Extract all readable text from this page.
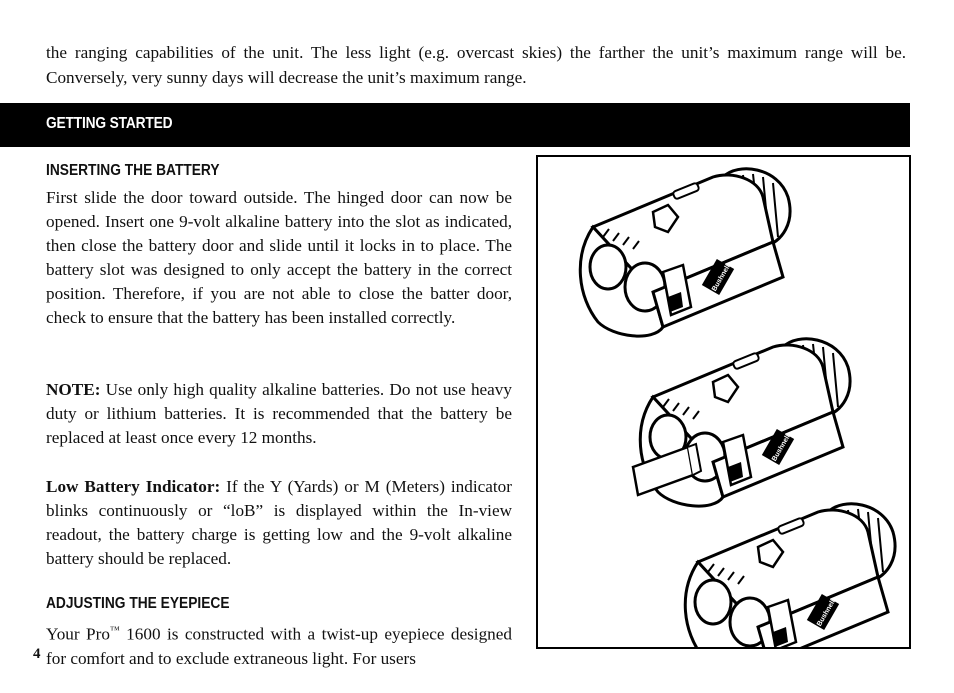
the ranging capabilities of the unit. The less light (e.g. overcast skies) the farther the unit’s maximum range will be. Conversely, very sunny days will decrease the unit’s maximum range.
GETTING STARTED
INSERTING THE BATTERY
First slide the door toward outside. The hinged door can now be opened. Insert one 9-volt alkaline battery into the slot as indicated, then close the battery door and slide until it locks in to place. The battery slot was designed to only accept the battery in the correct position. Therefore, if you are not able to close the batter door, check to ensure that the battery has been installed correctly.
NOTE: Use only high quality alkaline batteries. Do not use heavy duty or lithium batteries. It is recommended that the battery be replaced at least once every 12 months.
Low Battery Indicator: If the Y (Yards) or M (Meters) indicator blinks continuously or “loB” is displayed within the In-view readout, the battery charge is getting low and the 9-volt alkaline battery should be replaced.
ADJUSTING THE EYEPIECE
Your Pro™ 1600 is constructed with a twist-up eyepiece designed for comfort and to exclude extraneous light. For users
4
